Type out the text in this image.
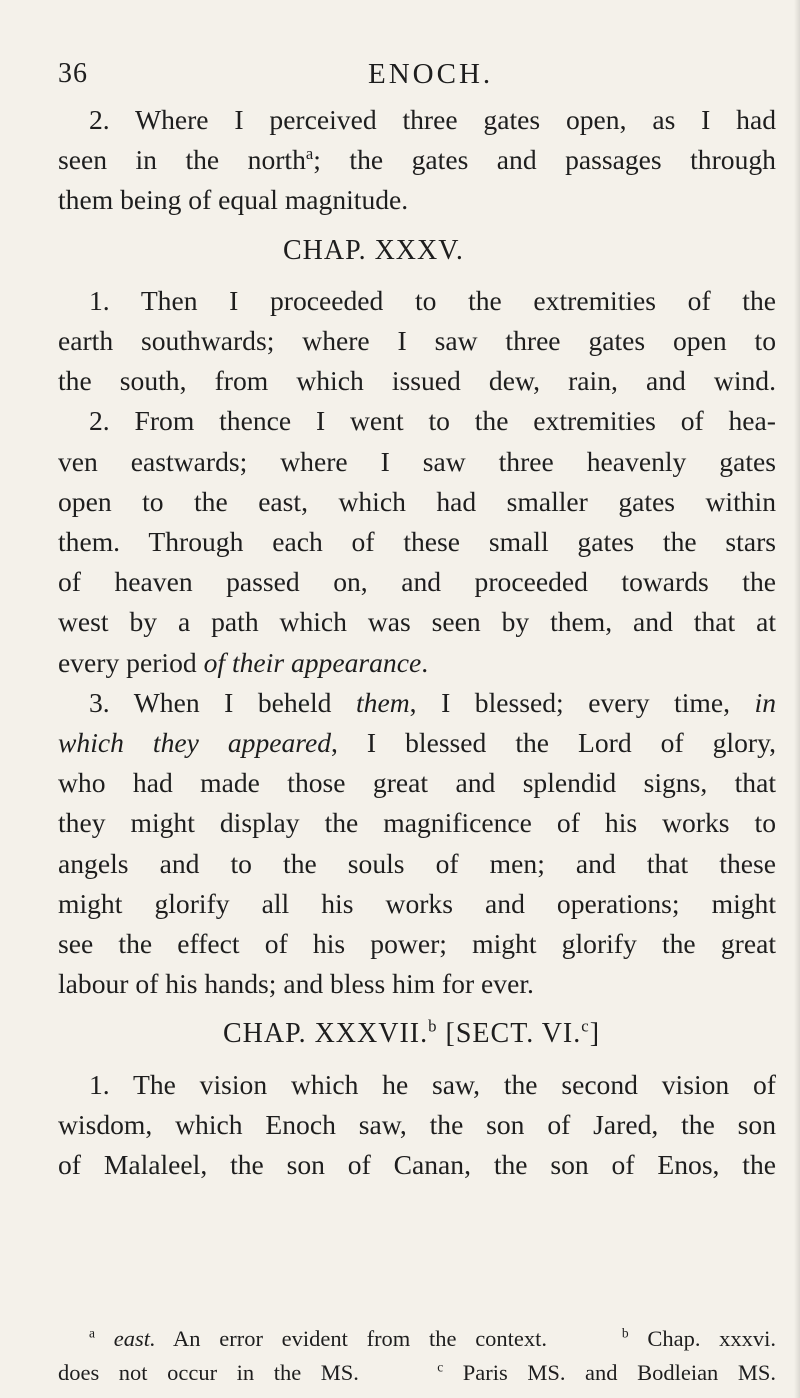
36	ENOCH.
2. Where I perceived three gates open, as I had
seen in the north$^a$; the gates and passages through
them being of equal magnitude.
CHAP. XXXV.
1. Then I proceeded to the extremities of the
earth southwards; where I saw three gates open to
the south, from which issued dew, rain, and wind.
2. From thence I went to the extremities of hea-
ven eastwards; where I saw three heavenly gates
open to the east, which had smaller gates within
them. Through each of these small gates the stars
of heaven passed on, and proceeded towards the
west by a path which was seen by them, and that at
every period of their appearance.
3. When I beheld them, I blessed; every time, in
which they appeared, I blessed the Lord of glory,
who had made those great and splendid signs, that
they might display the magnificence of his works to
angels and to the souls of men; and that these
might glorify all his works and operations; might
see the effect of his power; might glorify the great
labour of his hands; and bless him for ever.
CHAP. XXXVII.$^b$ [SECT. VI.$^c$]
1. The vision which he saw, the second vision of
wisdom, which Enoch saw, the son of Jared, the son
of Malaleel, the son of Canan, the son of Enos, the
$^a$ east. An error evident from the context.	$^b$ Chap. xxxvi.
does not occur in the MS.	$^c$ Paris MS. and Bodleian MS.
